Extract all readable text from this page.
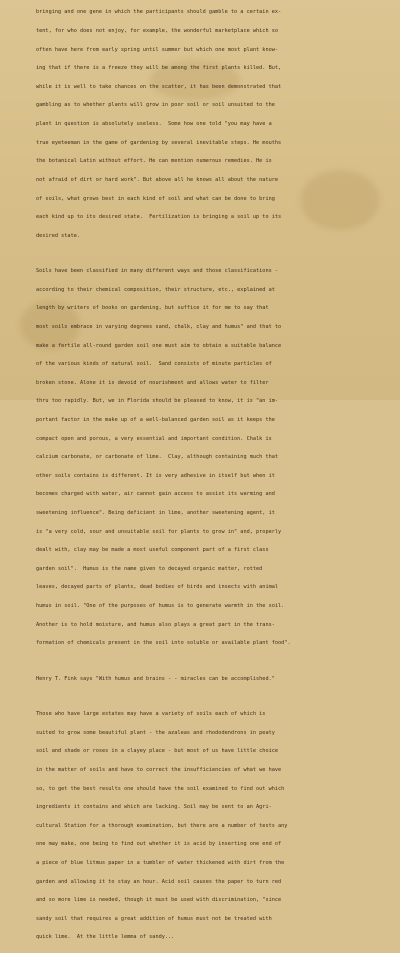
bringing and one gene in which the participants should gamble to a certain ex-

tent, for who does not enjoy, for example, the wonderful marketplace which so

often have here from early spring until summer but which one most plant know-

ing that if there is a freeze they will be among the first plants killed. But,

while it is well to take chances on the scatter, it has been demonstrated that

gambling as to whether plants will grow in poor soil or soil unsuited to the

plant in question is absolutely useless.  Some how one told "you may have a

true eyeteeman in the game of gardening by several inevitable steps. He mouths

the botanical Latin without effort. He can mention numerous remedies. He is

not afraid of dirt or hard work". But above all he knows all about the nature

of soils, what grows best in each kind of soil and what can be done to bring

each kind up to its desired state.  Fertilization is bringing a soil up to its

desired state.

Soils have been classified in many different ways and those classifications -

according to their chemical composition, their structure, etc., explained at

length by writers of books on gardening, but suffice it for me to say that

most soils embrace in varying degrees sand, chalk, clay and humus" and that to

make a fertile all-round garden soil one must aim to obtain a suitable balance

of the various kinds of natural soil.  Sand consists of minute particles of

broken stone. Alone it is devoid of nourishment and allows water to filter

thru too rapidly. But, we in Florida should be pleased to know, it is "an im-

portant factor in the make up of a well-balanced garden soil as it keeps the

compact open and porous, a very essential and important condition. Chalk is

calcium carbonate, or carbonate of lime.  Clay, although containing much that

other soils contains is different. It is very adhesive in itself but when it

becomes charged with water, air cannot gain access to assist its warming and

sweetening influence". Being deficient in lime, another sweetening agent, it

is "a very cold, sour and unsuitable soil for plants to grow in" and, properly

dealt with, clay may be made a most useful component part of a first class

garden soil".  Humus is the name given to decayed organic matter, rotted

leaves, decayed parts of plants, dead bodies of birds and insects with animal

humus in soil. "One of the purposes of humus is to generate warmth in the soil.

Another is to hold moisture, and humus also plays a great part in the trans-

formation of chemicals present in the soil into soluble or available plant food".

Henry T. Fink says "With humus and brains - - miracles can be accomplished."

Those who have large estates may have a variety of soils each of which is

suited to grow some beautiful plant - the azaleas and rhododendrons in peaty

soil and shade or roses in a clayey place - but most of us have little choice

in the matter of soils and have to correct the insufficiencies of what we have

so, to get the best results one should have the soil examined to find out which

ingredients it contains and which are lacking. Soil may be sent to an Agri-

cultural Station for a thorough examination, but there are a number of tests any

one may make, one being to find out whether it is acid by inserting one end of

a piece of blue litmus paper in a tumbler of water thickened with dirt from the

garden and allowing it to stay an hour. Acid soil causes the paper to turn red

and so more lime is needed, though it must be used with discrimination, "since

sandy soil that requires a great addition of humus must not be treated with

quick lime.  At the little lemma of sandy...
